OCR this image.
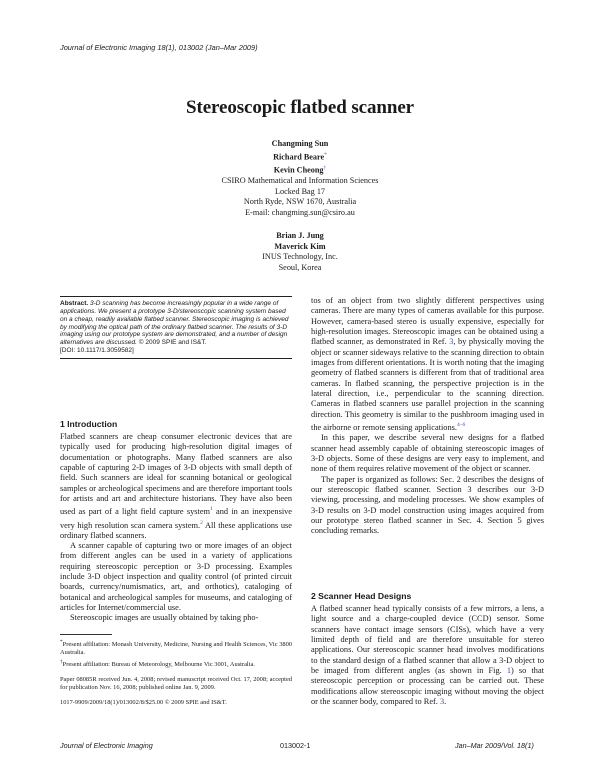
Journal of Electronic Imaging 18(1), 013002 (Jan–Mar 2009)
Stereoscopic flatbed scanner
Changming Sun
Richard Beare*
Kevin Cheong†
CSIRO Mathematical and Information Sciences
Locked Bag 17
North Ryde, NSW 1670, Australia
E-mail: changming.sun@csiro.au
Brian J. Jung
Maverick Kim
INUS Technology, Inc.
Seoul, Korea
Abstract. 3-D scanning has become increasingly popular in a wide range of applications. We present a prototype 3-D/stereoscopic scanning system based on a cheap, readily available flatbed scanner. Stereoscopic imaging is achieved by modifying the optical path of the ordinary flatbed scanner. The results of 3-D imaging using our prototype system are demonstrated, and a number of design alternatives are discussed. © 2009 SPIE and IS&T.
[DOI: 10.1117/1.3059582]
1 Introduction

Flatbed scanners are cheap consumer electronic devices that are typically used for producing high-resolution digital images of documentation or photographs. Many flatbed scanners are also capable of capturing 2-D images of 3-D objects with small depth of field. Such scanners are ideal for scanning botanical or geological samples or archeological specimens and are therefore important tools for artists and art and architecture historians. They have also been used as part of a light field capture system$^1$ and in an inexpensive very high resolution scan camera system.$^2$ All these applications use ordinary flatbed scanners.

A scanner capable of capturing two or more images of an object from different angles can be used in a variety of applications requiring stereoscopic perception or 3-D processing. Examples include 3-D object inspection and quality control (of printed circuit boards, currency/numismatics, art, and orthotics), cataloging of botanical and archeological samples for museums, and cataloging of articles for Internet/commercial use.

Stereoscopic images are usually obtained by taking pho-

tos of an object from two slightly different perspectives using cameras. There are many types of cameras available for this purpose. However, camera-based stereo is usually expensive, especially for high-resolution images. Stereoscopic images can be obtained using a flatbed scanner, as demonstrated in Ref. 3, by physically moving the object or scanner sideways relative to the scanning direction to obtain images from different orientations. It is worth noting that the imaging geometry of flatbed scanners is different from that of traditional area cameras. In flatbed scanning, the perspective projection is in the lateral direction, i.e., perpendicular to the scanning direction. Cameras in flatbed scanners use parallel projection in the scanning direction. This geometry is similar to the pushbroom imaging used in the airborne or remote sensing applications.$^{4-6}$

In this paper, we describe several new designs for a flatbed scanner head assembly capable of obtaining stereoscopic images of 3-D objects. Some of these designs are very easy to implement, and none of them requires relative movement of the object or scanner.

The paper is organized as follows: Sec. 2 describes the designs of our stereoscopic flatbed scanner. Section 3 describes our 3-D viewing, processing, and modeling processes. We show examples of 3-D results on 3-D model construction using images acquired from our prototype stereo flatbed scanner in Sec. 4. Section 5 gives concluding remarks.

2 Scanner Head Designs

A flatbed scanner head typically consists of a few mirrors, a lens, a light source and a charge-coupled device (CCD) sensor. Some scanners have contact image sensors (CISs), which have a very limited depth of field and are therefore unsuitable for stereo applications. Our stereoscopic scanner head involves modifications to the standard design of a flatbed scanner that allow a 3-D object to be imaged from different angles (as shown in Fig. 1) so that stereoscopic perception or processing can be carried out. These modifications allow stereoscopic imaging without moving the object or the scanner body, compared to Ref. 3.

*Present affiliation: Monash University, Medicine, Nursing and Health Sciences, Vic 3800 Australia.

†Present affiliation: Bureau of Meteorology, Melbourne Vic 3001, Australia.

Paper 08085R received Jun. 4, 2008; revised manuscript received Oct. 17, 2008; accepted for publication Nov. 16, 2008; published online Jan. 9, 2009.

1017-9909/2009/18(1)/013002/8/$25.00 © 2009 SPIE and IS&T.

Journal of Electronic Imaging	013002-1	Jan–Mar 2009/Vol. 18(1)
